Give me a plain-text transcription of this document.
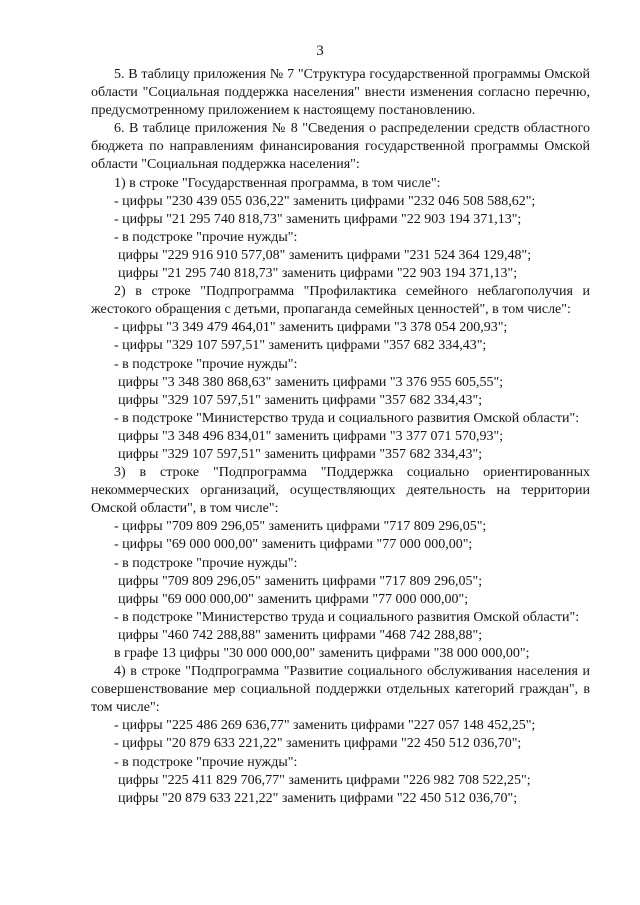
3

5. В таблицу приложения № 7 "Структура государственной программы Омской области "Социальная поддержка населения" внести изменения согласно перечню, предусмотренному приложением к настоящему постановлению.

6. В таблице приложения № 8 "Сведения о распределении средств областного бюджета по направлениям финансирования государственной программы Омской области "Социальная поддержка населения":

1) в строке "Государственная программа, в том числе":

- цифры "230 439 055 036,22" заменить цифрами "232 046 508 588,62";

- цифры "21 295 740 818,73" заменить цифрами "22 903 194 371,13";

- в подстроке "прочие нужды":

цифры "229 916 910 577,08" заменить цифрами "231 524 364 129,48";

цифры "21 295 740 818,73" заменить цифрами "22 903 194 371,13";

2) в строке "Подпрограмма "Профилактика семейного неблагополучия и жестокого обращения с детьми, пропаганда семейных ценностей", в том числе":

- цифры "3 349 479 464,01" заменить цифрами "3 378 054 200,93";

- цифры "329 107 597,51" заменить цифрами "357 682 334,43";

- в подстроке "прочие нужды":

цифры "3 348 380 868,63" заменить цифрами "3 376 955 605,55";

цифры "329 107 597,51" заменить цифрами "357 682 334,43";

- в подстроке "Министерство труда и социального развития Омской области":

цифры "3 348 496 834,01" заменить цифрами "3 377 071 570,93";

цифры "329 107 597,51" заменить цифрами "357 682 334,43";

3) в строке "Подпрограмма "Поддержка социально ориентированных некоммерческих организаций, осуществляющих деятельность на территории Омской области", в том числе":

- цифры "709 809 296,05" заменить цифрами "717 809 296,05";

- цифры "69 000 000,00" заменить цифрами "77 000 000,00";

- в подстроке "прочие нужды":

цифры "709 809 296,05" заменить цифрами "717 809 296,05";

цифры "69 000 000,00" заменить цифрами "77 000 000,00";

- в подстроке "Министерство труда и социального развития Омской области":

цифры "460 742 288,88" заменить цифрами "468 742 288,88";

в графе 13 цифры "30 000 000,00" заменить цифрами "38 000 000,00";

4) в строке "Подпрограмма "Развитие социального обслуживания населения и совершенствование мер социальной поддержки отдельных категорий граждан", в том числе":

- цифры "225 486 269 636,77" заменить цифрами "227 057 148 452,25";

- цифры "20 879 633 221,22" заменить цифрами "22 450 512 036,70";

- в подстроке "прочие нужды":

цифры "225 411 829 706,77" заменить цифрами "226 982 708 522,25";

цифры "20 879 633 221,22" заменить цифрами "22 450 512 036,70";
